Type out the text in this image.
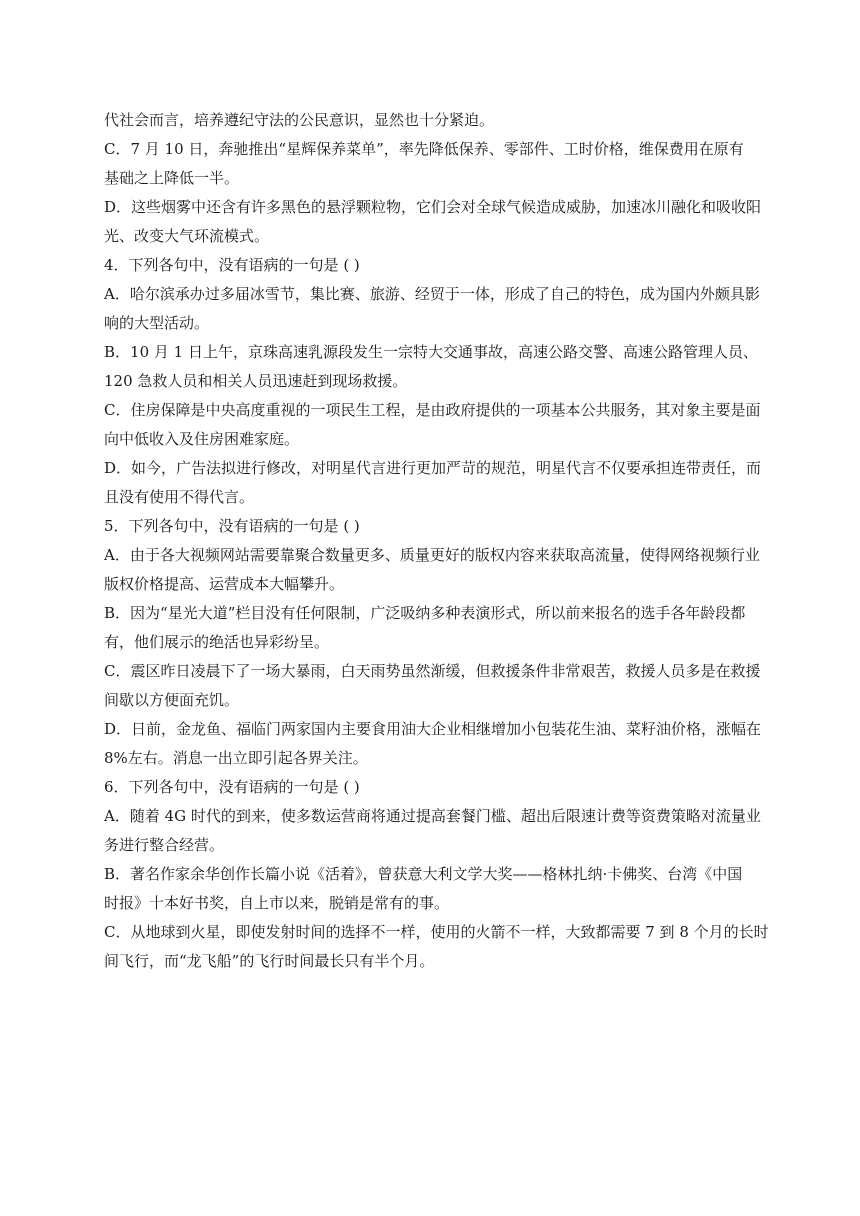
代社会而言，培养遵纪守法的公民意识，显然也十分紧迫。
C．7 月 10 日，奔驰推出“星辉保养菜单”，率先降低保养、零部件、工时价格，维保费用在原有
基础之上降低一半。
D．这些烟雾中还含有许多黑色的悬浮颗粒物，它们会对全球气候造成威胁，加速冰川融化和吸收阳
光、改变大气环流模式。
4．下列各句中，没有语病的一句是 ( )
A．哈尔滨承办过多届冰雪节，集比赛、旅游、经贸于一体，形成了自己的特色，成为国内外颇具影
响的大型活动。
B．10 月 1 日上午，京珠高速乳源段发生一宗特大交通事故，高速公路交警、高速公路管理人员、
120 急救人员和相关人员迅速赶到现场救援。
C．住房保障是中央高度重视的一项民生工程，是由政府提供的一项基本公共服务，其对象主要是面
向中低收入及住房困难家庭。
D．如今，广告法拟进行修改，对明星代言进行更加严苛的规范，明星代言不仅要承担连带责任，而
且没有使用不得代言。
5．下列各句中，没有语病的一句是 ( )
A．由于各大视频网站需要靠聚合数量更多、质量更好的版权内容来获取高流量，使得网络视频行业
版权价格提高、运营成本大幅攀升。
B．因为“星光大道”栏目没有任何限制，广泛吸纳多种表演形式，所以前来报名的选手各年龄段都
有，他们展示的绝活也异彩纷呈。
C．震区昨日凌晨下了一场大暴雨，白天雨势虽然渐缓，但救援条件非常艰苦，救援人员多是在救援
间歇以方便面充饥。
D．日前，金龙鱼、福临门两家国内主要食用油大企业相继增加小包装花生油、菜籽油价格，涨幅在
8%左右。消息一出立即引起各界关注。
6．下列各句中，没有语病的一句是 ( )
A．随着 4G 时代的到来，使多数运营商将通过提高套餐门槛、超出后限速计费等资费策略对流量业
务进行整合经营。
B．著名作家余华创作长篇小说《活着》，曾获意大利文学大奖——格林扎纳·卡佛奖、台湾《中国
时报》十本好书奖，自上市以来，脱销是常有的事。
C．从地球到火星，即使发射时间的选择不一样，使用的火箭不一样，大致都需要 7 到 8 个月的长时
间飞行，而“龙飞船”的飞行时间最长只有半个月。
